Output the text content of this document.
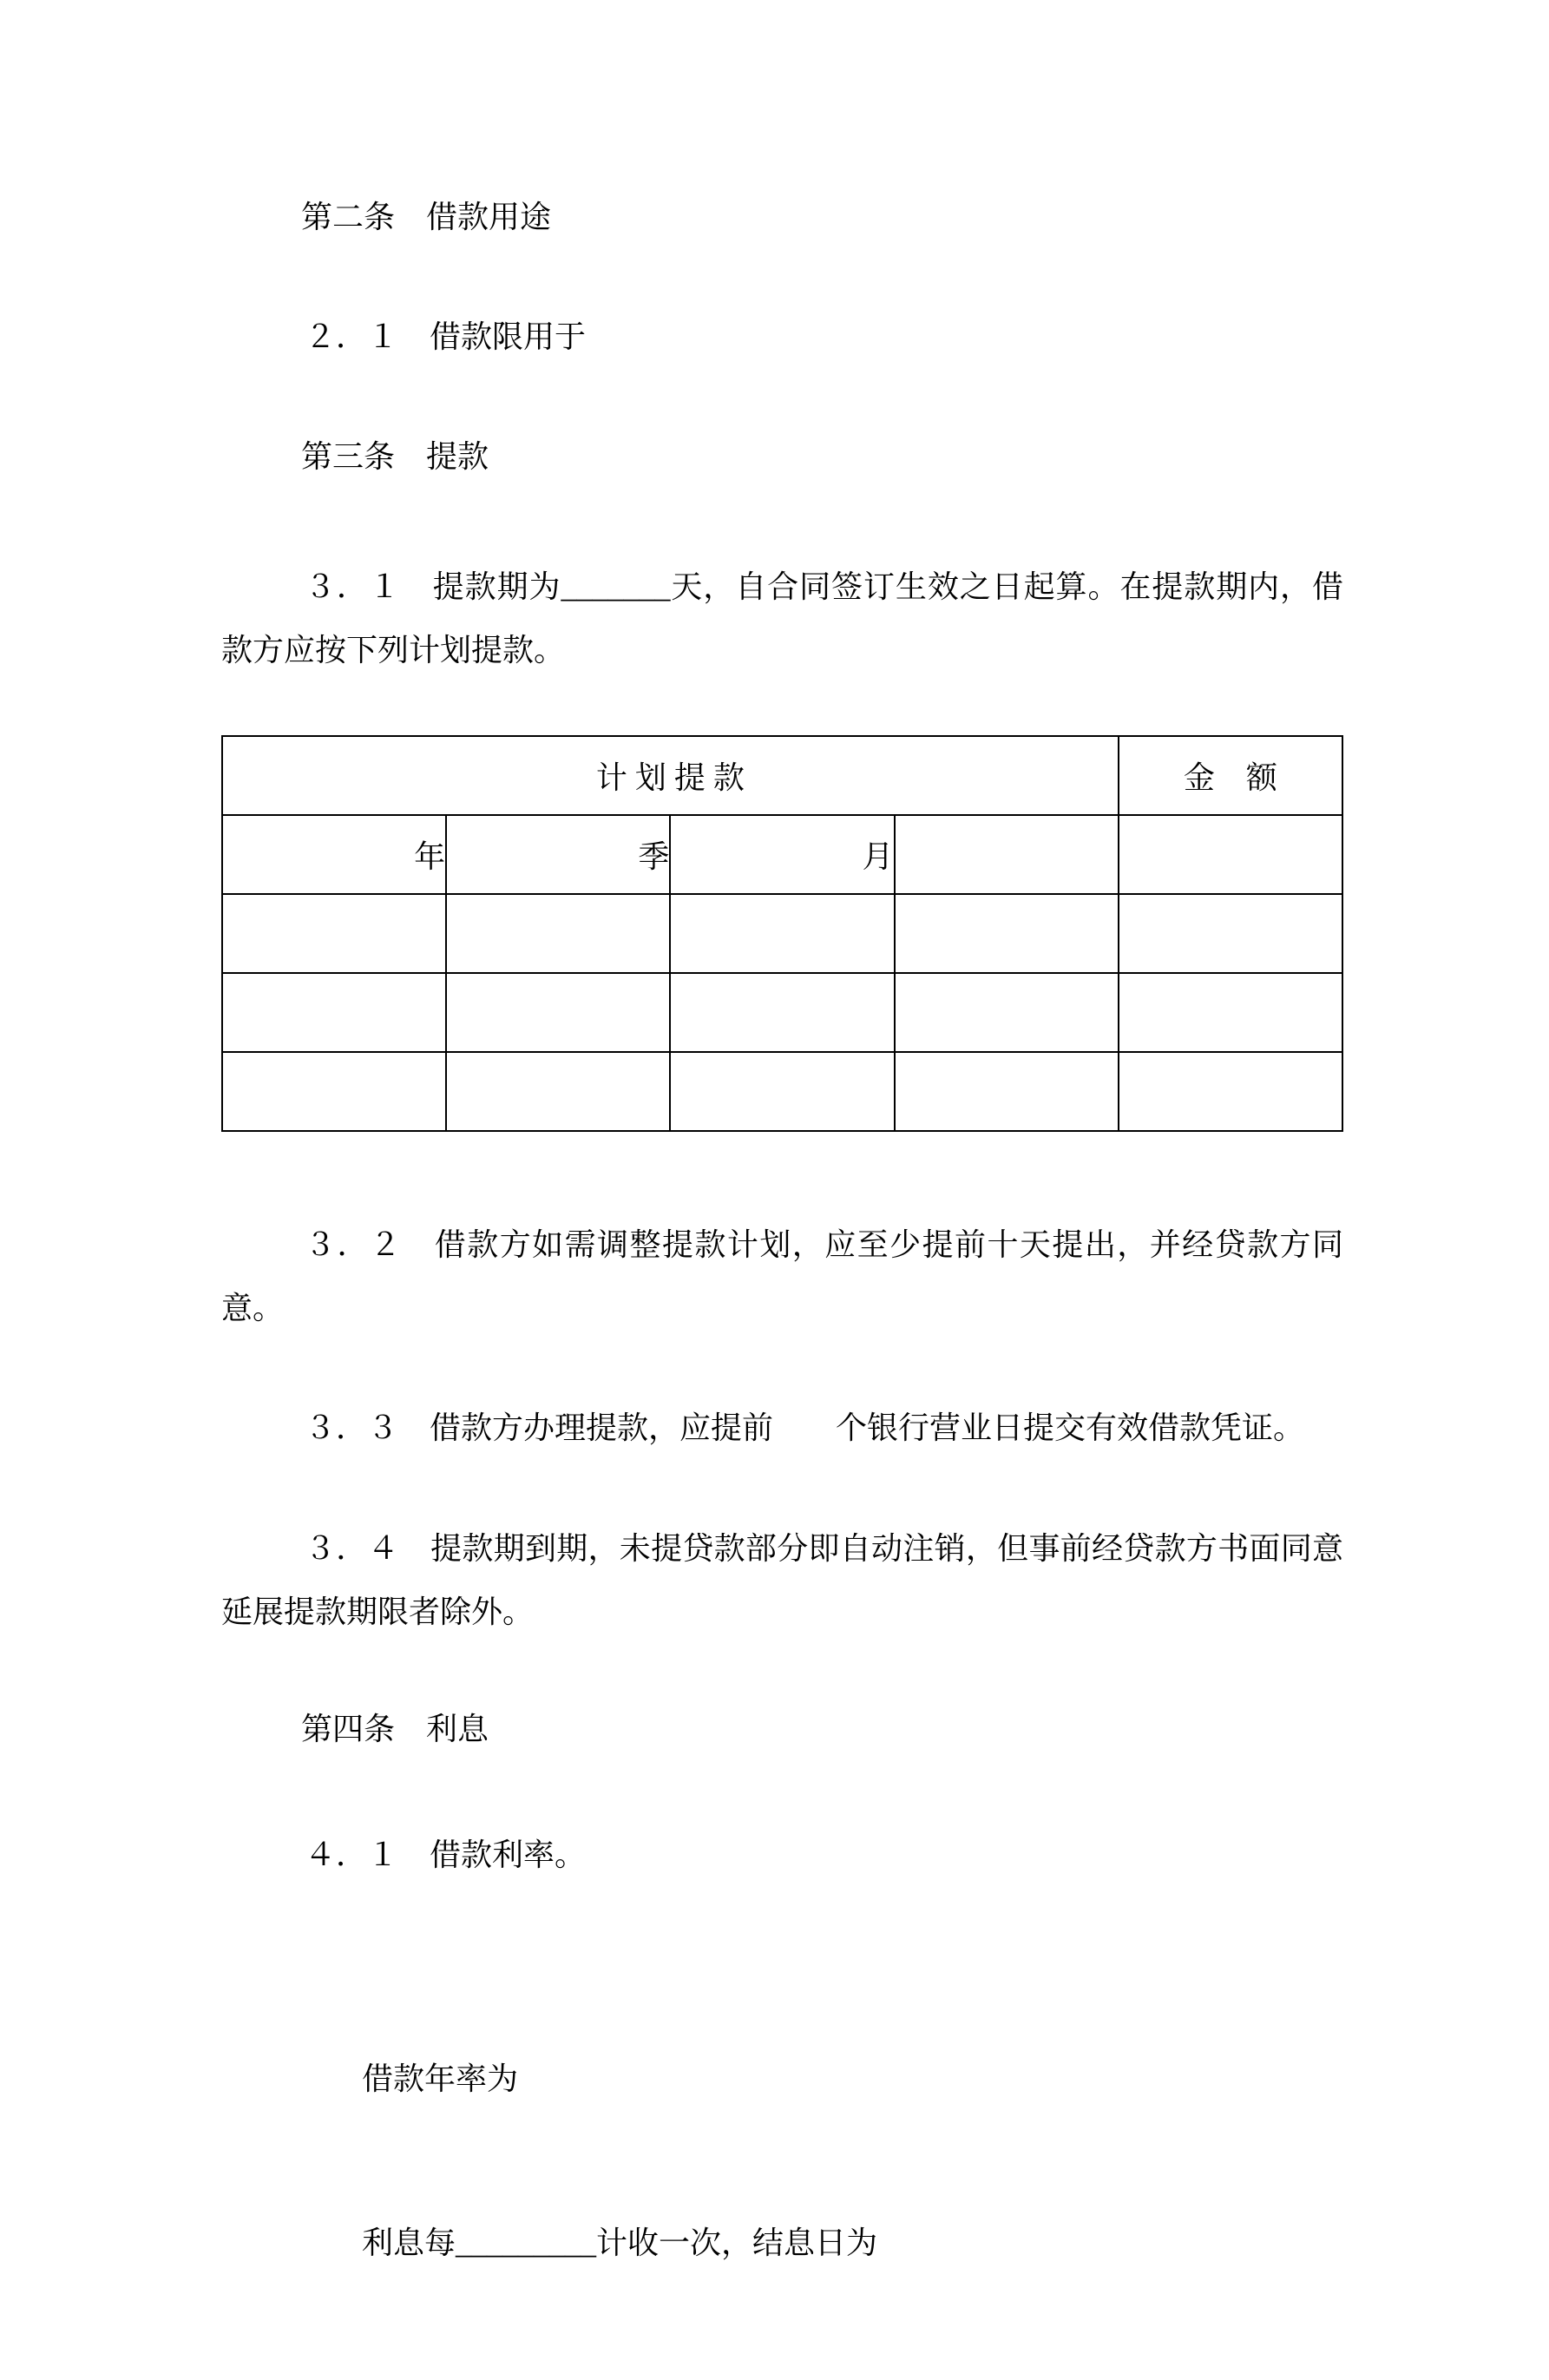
第二条　借款用途
２．１　借款限用于
第三条　提款
３．１　提款期为_______天，自合同签订生效之日起算。在提款期内，借款方应按下列计划提款。
计 划 提 款				金　额
年	季	月		

３．２　借款方如需调整提款计划，应至少提前十天提出，并经贷款方同意。
３．３　借款方办理提款，应提前　　个银行营业日提交有效借款凭证。
３．４　提款期到期，未提贷款部分即自动注销，但事前经贷款方书面同意延展提款期限者除外。
第四条　利息
４．１　借款利率。

借款年率为

利息每_________计收一次，结息日为
